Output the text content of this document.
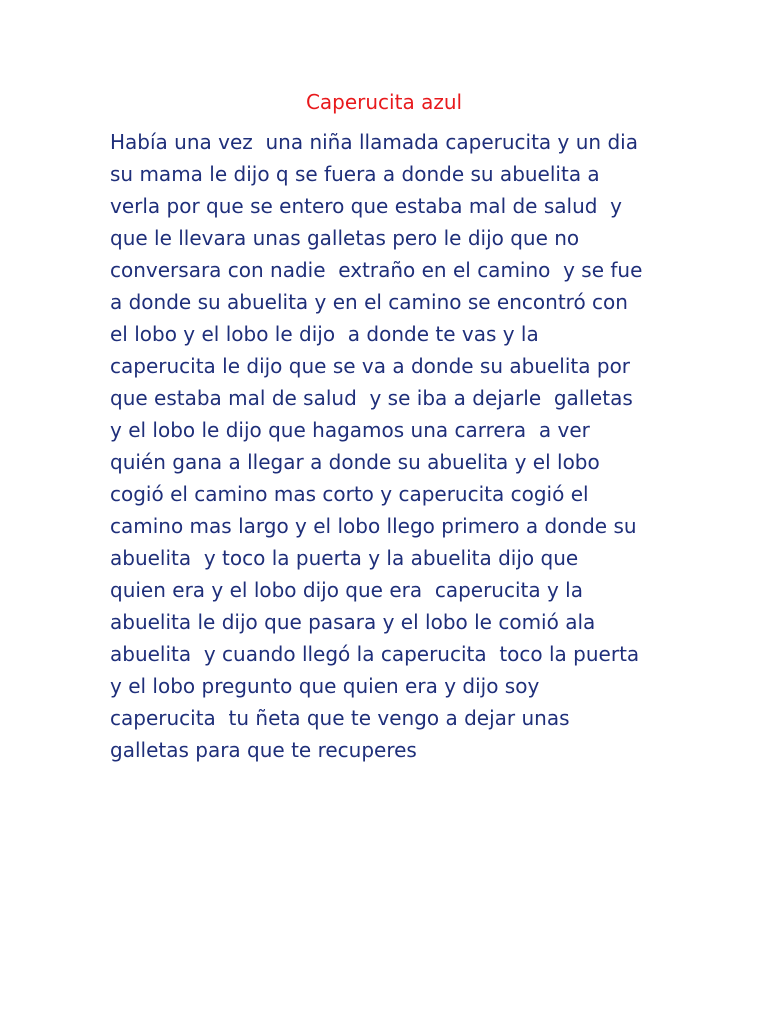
Caperucita azul
Había una vez  una niña llamada caperucita y un dia
su mama le dijo q se fuera a donde su abuelita a
verla por que se entero que estaba mal de salud  y
que le llevara unas galletas pero le dijo que no
conversara con nadie  extraño en el camino  y se fue
a donde su abuelita y en el camino se encontró con
el lobo y el lobo le dijo  a donde te vas y la
caperucita le dijo que se va a donde su abuelita por
que estaba mal de salud  y se iba a dejarle  galletas
y el lobo le dijo que hagamos una carrera  a ver
quién gana a llegar a donde su abuelita y el lobo
cogió el camino mas corto y caperucita cogió el
camino mas largo y el lobo llego primero a donde su
abuelita  y toco la puerta y la abuelita dijo que
quien era y el lobo dijo que era  caperucita y la
abuelita le dijo que pasara y el lobo le comió ala
abuelita  y cuando llegó la caperucita  toco la puerta
y el lobo pregunto que quien era y dijo soy
caperucita  tu ñeta que te vengo a dejar unas
galletas para que te recuperes
